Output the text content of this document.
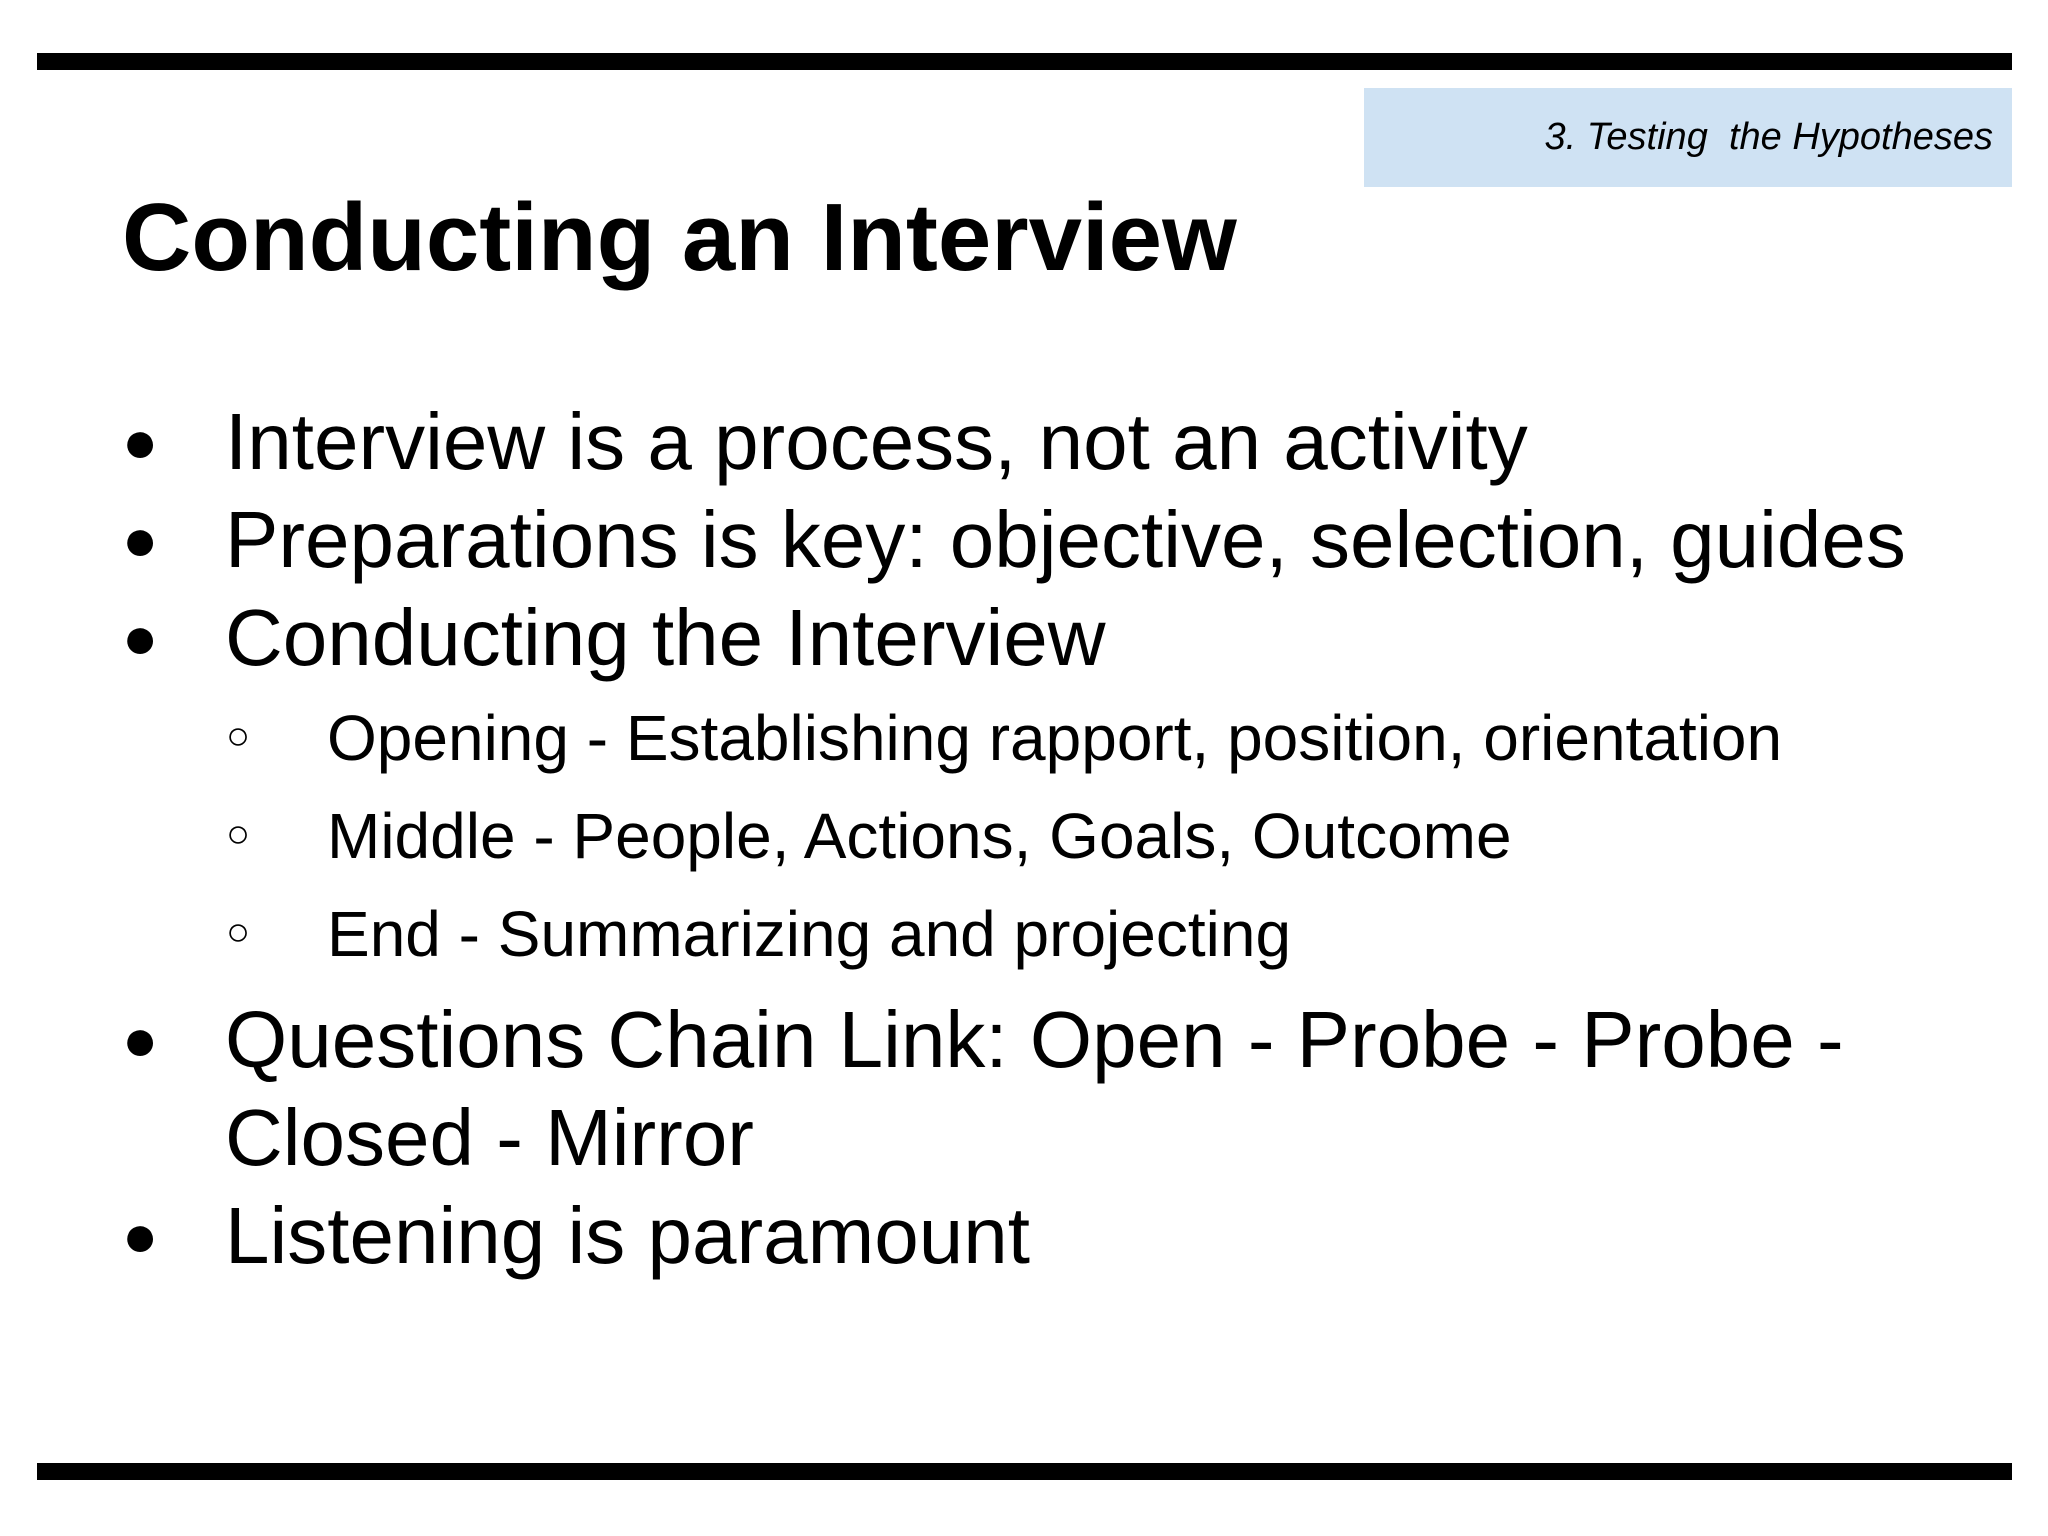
3. Testing  the Hypotheses
Conducting an Interview
● Interview is a process, not an activity
● Preparations is key: objective, selection, guides
● Conducting the Interview
○ Opening - Establishing rapport, position, orientation
○ Middle - People, Actions, Goals, Outcome
○ End - Summarizing and projecting
● Questions Chain Link: Open - Probe - Probe - Closed - Mirror
● Listening is paramount
